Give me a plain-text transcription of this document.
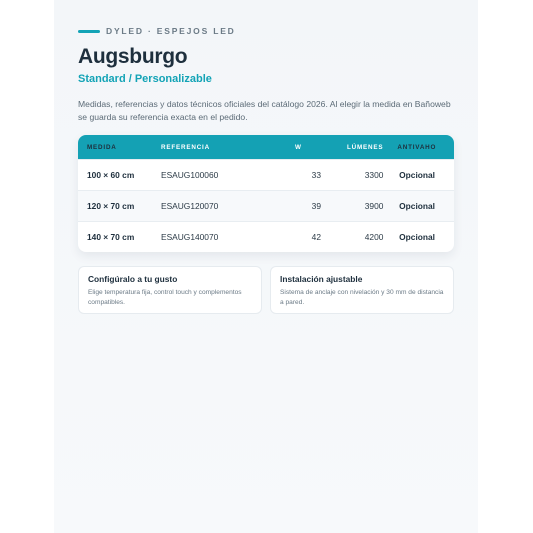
DYLED · ESPEJOS LED
Augsburgo
Standard / Personalizable
Medidas, referencias y datos técnicos oficiales del catálogo 2026. Al elegir la medida en Bañoweb se guarda su referencia exacta en el pedido.
MEDIDA	REFERENCIA	W	LÚMENES	ANTIVAHO
100 × 60 cm	ESAUG100060	33	3300	Opcional
120 × 70 cm	ESAUG120070	39	3900	Opcional
140 × 70 cm	ESAUG140070	42	4200	Opcional
Configúralo a tu gusto
Elige temperatura fija, control touch y complementos compatibles.
Instalación ajustable
Sistema de anclaje con nivelación y 30 mm de distancia a pared.
